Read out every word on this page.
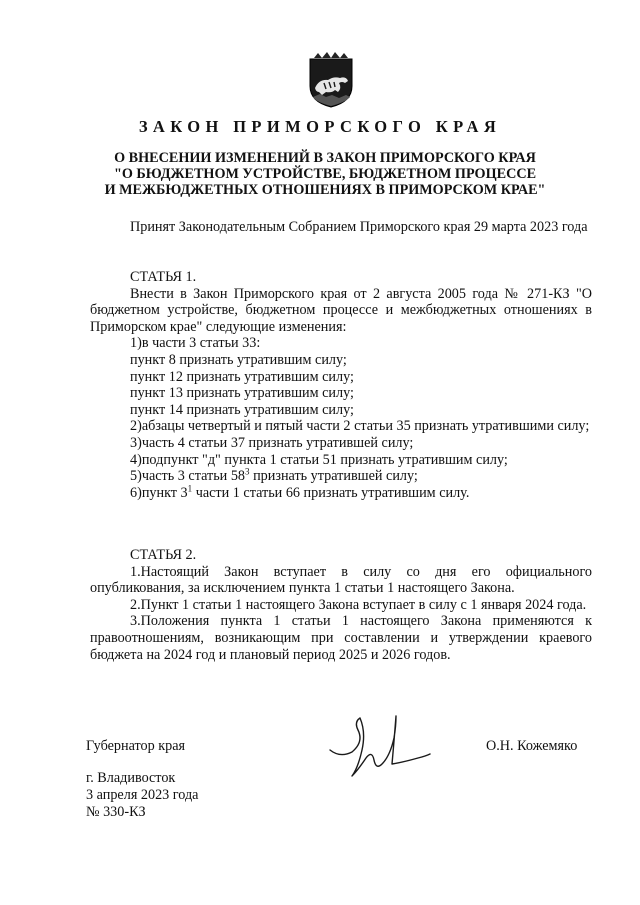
ЗАКОН ПРИМОРСКОГО КРАЯ
О ВНЕСЕНИИ ИЗМЕНЕНИЙ В ЗАКОН ПРИМОРСКОГО КРАЯ
"О БЮДЖЕТНОМ УСТРОЙСТВЕ, БЮДЖЕТНОМ ПРОЦЕССЕ
И МЕЖБЮДЖЕТНЫХ ОТНОШЕНИЯХ В ПРИМОРСКОМ КРАЕ"
Принят Законодательным Собранием Приморского края 29 марта 2023 года
СТАТЬЯ 1.
Внести в Закон Приморского края от 2 августа 2005 года № 271-КЗ "О бюджетном устройстве, бюджетном процессе и межбюджетных отношениях в Приморском крае" следующие изменения:
1)в части 3 статьи 33:
пункт 8 признать утратившим силу;
пункт 12 признать утратившим силу;
пункт 13 признать утратившим силу;
пункт 14 признать утратившим силу;
2)абзацы четвертый и пятый части 2 статьи 35 признать утратившими силу;
3)часть 4 статьи 37 признать утратившей силу;
4)подпункт "д" пункта 1 статьи 51 признать утратившим силу;
5)часть 3 статьи $58^3$ признать утратившей силу;
6)пункт $3^1$ части 1 статьи 66 признать утратившим силу.
СТАТЬЯ 2.
1.Настоящий Закон вступает в силу со дня его официального опубликования, за исключением пункта 1 статьи 1 настоящего Закона.
2.Пункт 1 статьи 1 настоящего Закона вступает в силу с 1 января 2024 года.
3.Положения пункта 1 статьи 1 настоящего Закона применяются к правоотношениям, возникающим при составлении и утверждении краевого бюджета на 2024 год и плановый период 2025 и 2026 годов.
Губернатор края	О.Н. Кожемяко
г. Владивосток
3 апреля 2023 года
№ 330-КЗ
